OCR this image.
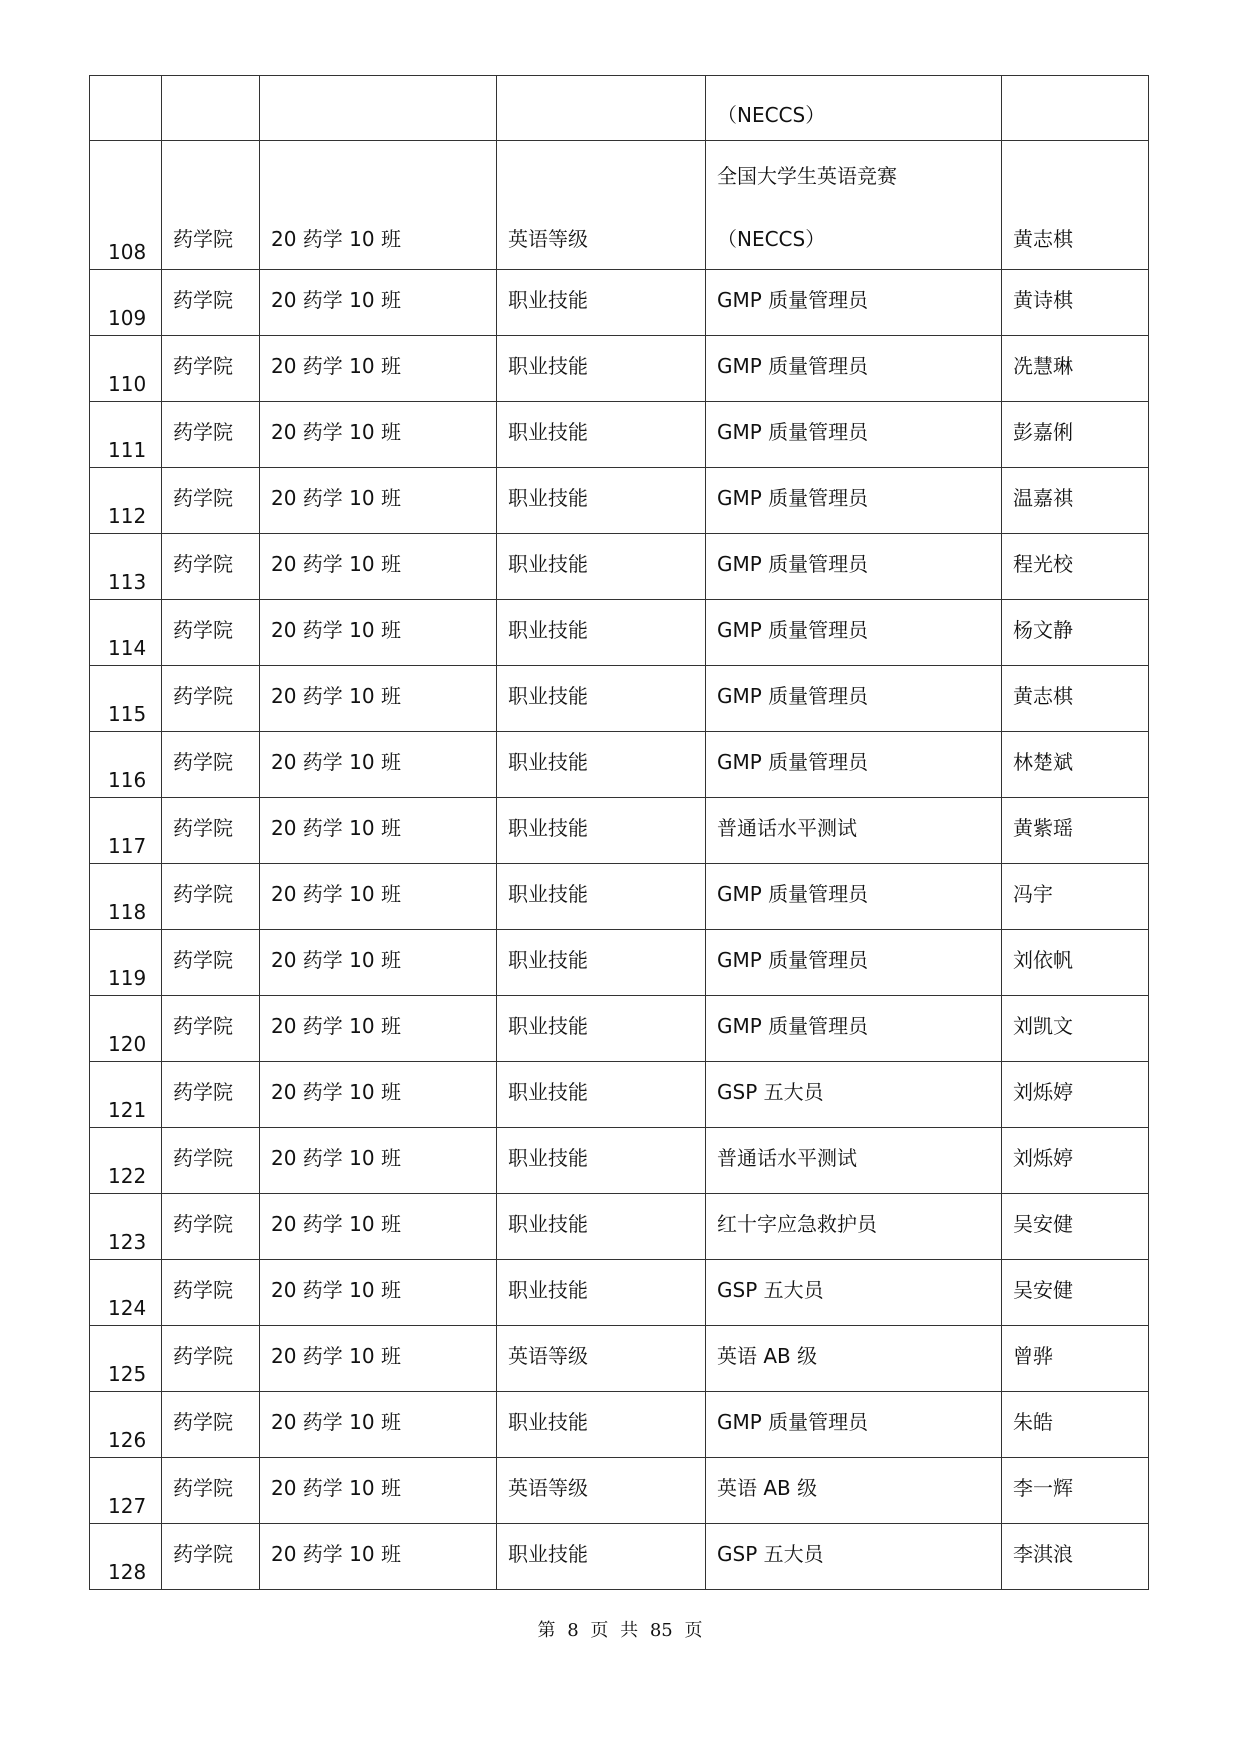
				（NECCS）	

108	药学院	20 药学 10 班	英语等级	全国大学生英语竞赛
（NECCS）	黄志棋

109	药学院	20 药学 10 班	职业技能	GMP 质量管理员	黄诗棋

110	药学院	20 药学 10 班	职业技能	GMP 质量管理员	冼慧琳

111	药学院	20 药学 10 班	职业技能	GMP 质量管理员	彭嘉俐

112	药学院	20 药学 10 班	职业技能	GMP 质量管理员	温嘉祺

113	药学院	20 药学 10 班	职业技能	GMP 质量管理员	程光校

114	药学院	20 药学 10 班	职业技能	GMP 质量管理员	杨文静

115	药学院	20 药学 10 班	职业技能	GMP 质量管理员	黄志棋

116	药学院	20 药学 10 班	职业技能	GMP 质量管理员	林楚斌

117	药学院	20 药学 10 班	职业技能	普通话水平测试	黄紫瑶

118	药学院	20 药学 10 班	职业技能	GMP 质量管理员	冯宇

119	药学院	20 药学 10 班	职业技能	GMP 质量管理员	刘依帆

120	药学院	20 药学 10 班	职业技能	GMP 质量管理员	刘凯文

121	药学院	20 药学 10 班	职业技能	GSP 五大员	刘烁婷

122	药学院	20 药学 10 班	职业技能	普通话水平测试	刘烁婷

123	药学院	20 药学 10 班	职业技能	红十字应急救护员	吴安健

124	药学院	20 药学 10 班	职业技能	GSP 五大员	吴安健

125	药学院	20 药学 10 班	英语等级	英语 AB 级	曾骅

126	药学院	20 药学 10 班	职业技能	GMP 质量管理员	朱皓

127	药学院	20 药学 10 班	英语等级	英语 AB 级	李一辉

128	药学院	20 药学 10 班	职业技能	GSP 五大员	李淇浪
第 8 页 共 85 页
